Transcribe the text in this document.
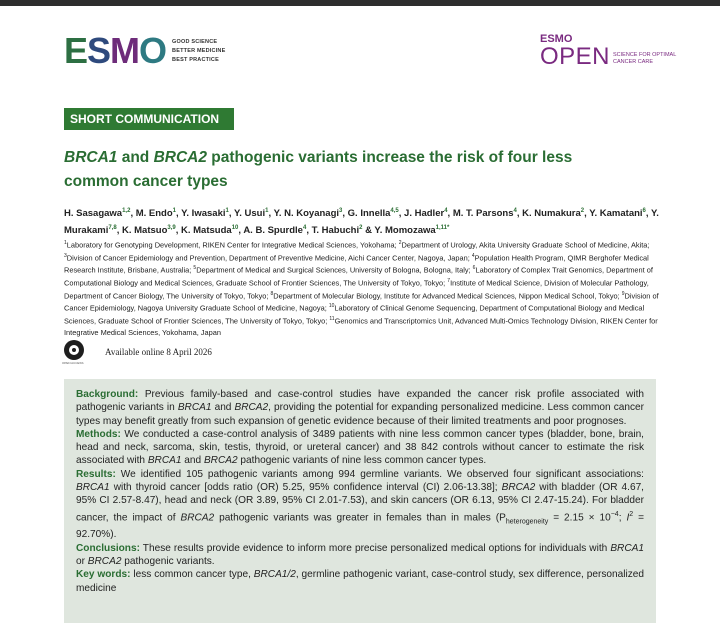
E S M O GOOD SCIENCE
BETTER MEDICINE
BEST PRACTICE
ESMO
OPEN SCIENCE FOR OPTIMAL
CANCER CARE
SHORT COMMUNICATION
BRCA1 and BRCA2 pathogenic variants increase the risk of four less
common cancer types
H. Sasagawa$^{1,2}$, M. Endo$^1$, Y. Iwasaki$^1$, Y. Usui$^1$, Y. N. Koyanagi$^3$, G. Innella$^{4,5}$, J. Hadler$^4$, M. T. Parsons$^4$, K. Numakura$^2$, Y. Kamatani$^6$, Y. Murakami$^{7,8}$, K. Matsuo$^{3,9}$, K. Matsuda$^{10}$, A. B. Spurdle$^4$, T. Habuchi$^2$ & Y. Momozawa$^{1,11*}$
$^1$Laboratory for Genotyping Development, RIKEN Center for Integrative Medical Sciences, Yokohama; $^2$Department of Urology, Akita University Graduate School of Medicine, Akita; $^3$Division of Cancer Epidemiology and Prevention, Department of Preventive Medicine, Aichi Cancer Center, Nagoya, Japan; $^4$Population Health Program, QIMR Berghofer Medical Research Institute, Brisbane, Australia; $^5$Department of Medical and Surgical Sciences, University of Bologna, Bologna, Italy; $^6$Laboratory of Complex Trait Genomics, Department of Computational Biology and Medical Sciences, Graduate School of Frontier Sciences, The University of Tokyo, Tokyo; $^7$Institute of Medical Science, Division of Molecular Pathology, Department of Cancer Biology, The University of Tokyo, Tokyo; $^8$Department of Molecular Biology, Institute for Advanced Medical Sciences, Nippon Medical School, Tokyo; $^9$Division of Cancer Epidemiology, Nagoya University Graduate School of Medicine, Nagoya; $^{10}$Laboratory of Clinical Genome Sequencing, Department of Computational Biology and Medical Sciences, Graduate School of Frontier Sciences, The University of Tokyo, Tokyo; $^{11}$Genomics and Transcriptomics Unit, Advanced Multi-Omics Technology Division, RIKEN Center for Integrative Medical Sciences, Yokohama, Japan
OPEN ACCESS
Available online 8 April 2026

Background: Previous family-based and case-control studies have expanded the cancer risk profile associated with pathogenic variants in BRCA1 and BRCA2, providing the potential for expanding personalized medicine. Less common cancer types may benefit greatly from such expansion of genetic evidence because of their limited treatments and poor prognoses.

Methods: We conducted a case-control analysis of 3489 patients with nine less common cancer types (bladder, bone, brain, head and neck, sarcoma, skin, testis, thyroid, or ureteral cancer) and 38 842 controls without cancer to estimate the risk associated with BRCA1 and BRCA2 pathogenic variants of nine less common cancer types.

Results: We identified 105 pathogenic variants among 994 germline variants. We observed four significant associations: BRCA1 with thyroid cancer [odds ratio (OR) 5.25, 95% confidence interval (CI) 2.06-13.38]; BRCA2 with bladder (OR 4.67, 95% CI 2.57-8.47), head and neck (OR 3.89, 95% CI 2.01-7.53), and skin cancers (OR 6.13, 95% CI 2.47-15.24). For bladder cancer, the impact of BRCA2 pathogenic variants was greater in females than in males ($P_{heterogeneity} = 2.15 \times 10^{-4}$; $I^2 = 92.70\%$).

Conclusions: These results provide evidence to inform more precise personalized medical options for individuals with BRCA1 or BRCA2 pathogenic variants.

Key words: less common cancer type, BRCA1/2, germline pathogenic variant, case-control study, sex difference, personalized medicine
